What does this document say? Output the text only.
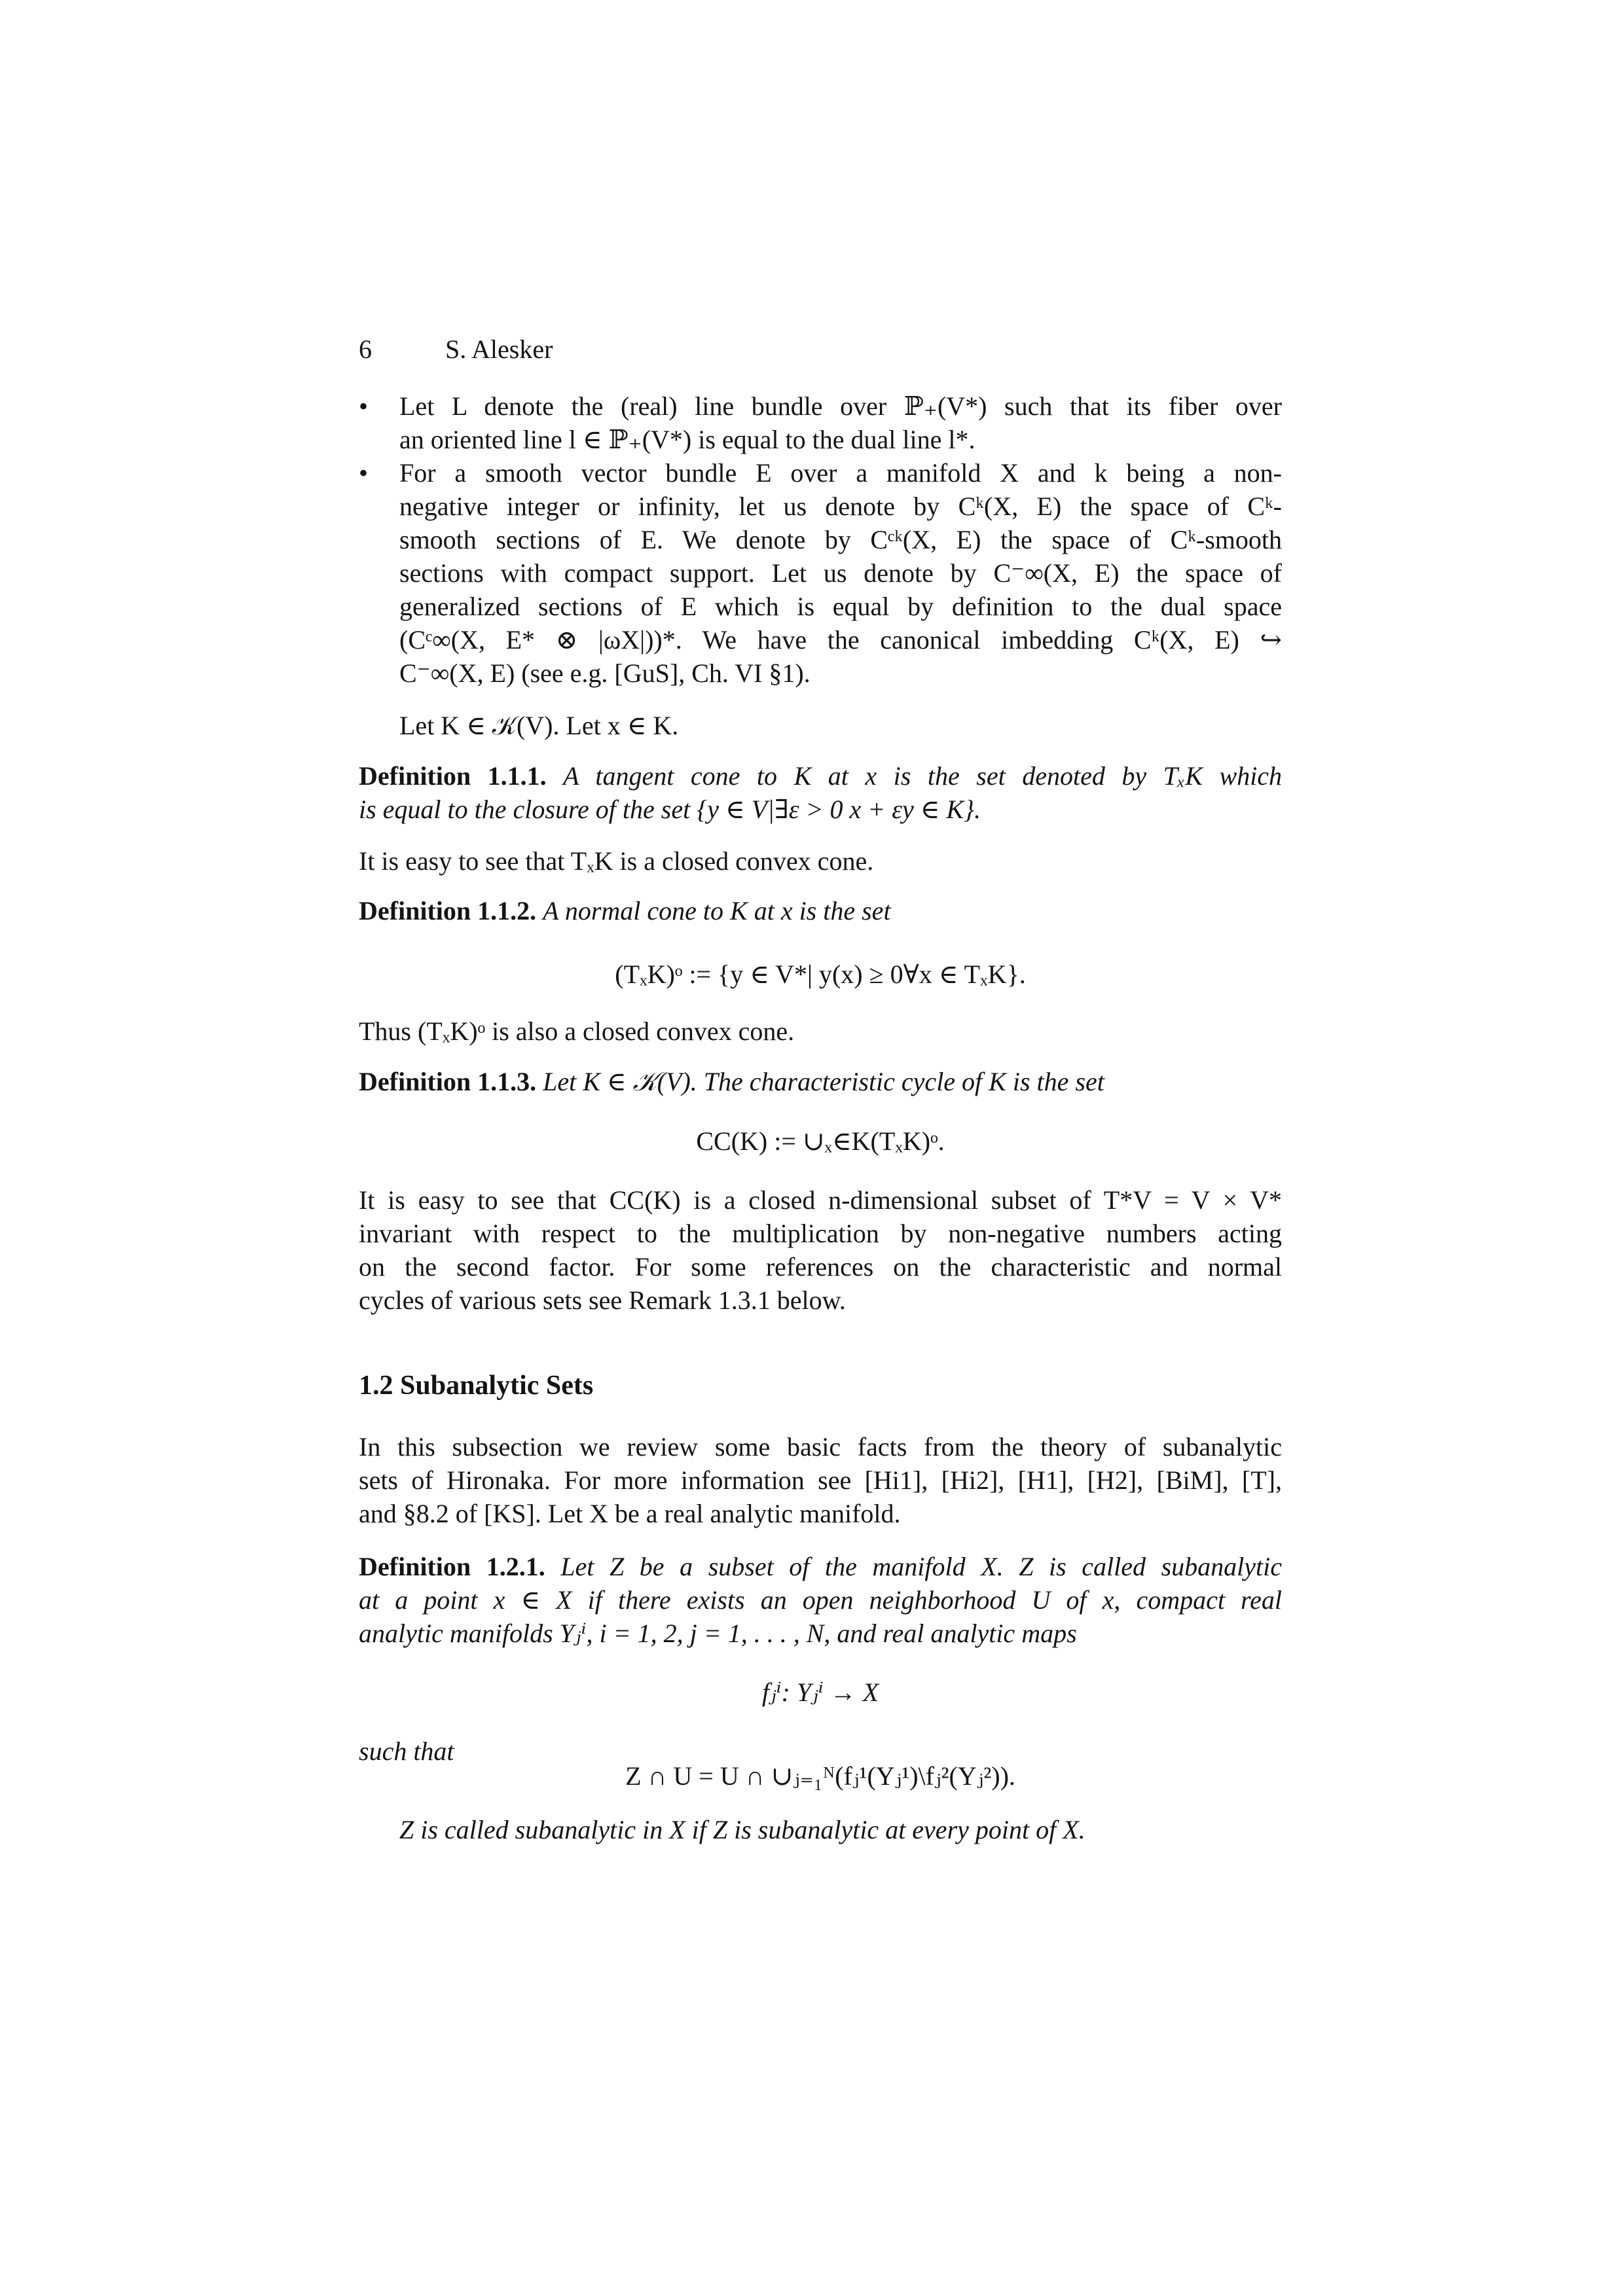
6	S. Alesker
• Let L denote the (real) line bundle over ℙ₊(V*) such that its fiber over
an oriented line l ∈ ℙ₊(V*) is equal to the dual line l*.
• For a smooth vector bundle E over a manifold X and k being a non-
negative integer or infinity, let us denote by Cᵏ(X, E) the space of Cᵏ-
smooth sections of E. We denote by Cᶜᵏ(X, E) the space of Cᵏ-smooth
sections with compact support. Let us denote by C⁻∞(X, E) the space of
generalized sections of E which is equal by definition to the dual space
(Cᶜ∞(X, E* ⊗ |ωX|))*. We have the canonical imbedding Cᵏ(X, E) ↪
C⁻∞(X, E) (see e.g. [GuS], Ch. VI §1).
Let K ∈ 𝒦(V). Let x ∈ K.
Definition 1.1.1. A tangent cone to K at x is the set denoted by TₓK which
is equal to the closure of the set {y ∈ V|∃ε > 0 x + εy ∈ K}.
It is easy to see that TₓK is a closed convex cone.
Definition 1.1.2. A normal cone to K at x is the set
(TₓK)ᵒ := {y ∈ V*| y(x) ≥ 0∀x ∈ TₓK}.
Thus (TₓK)ᵒ is also a closed convex cone.
Definition 1.1.3. Let K ∈ 𝒦(V). The characteristic cycle of K is the set
CC(K) := ∪ₓ∈K(TₓK)ᵒ.
It is easy to see that CC(K) is a closed n-dimensional subset of T*V = V × V*
invariant with respect to the multiplication by non-negative numbers acting
on the second factor. For some references on the characteristic and normal
cycles of various sets see Remark 1.3.1 below.
1.2 Subanalytic Sets
In this subsection we review some basic facts from the theory of subanalytic
sets of Hironaka. For more information see [Hi1], [Hi2], [H1], [H2], [BiM], [T],
and §8.2 of [KS]. Let X be a real analytic manifold.
Definition 1.2.1. Let Z be a subset of the manifold X. Z is called subanalytic
at a point x ∈ X if there exists an open neighborhood U of x, compact real
analytic manifolds Yⱼⁱ, i = 1, 2, j = 1, . . . , N, and real analytic maps
fⱼⁱ: Yⱼⁱ → X
such that
Z ∩ U = U ∩ ∪ⱼ₌₁ᴺ(fⱼ¹(Yⱼ¹)\fⱼ²(Yⱼ²)).
Z is called subanalytic in X if Z is subanalytic at every point of X.
